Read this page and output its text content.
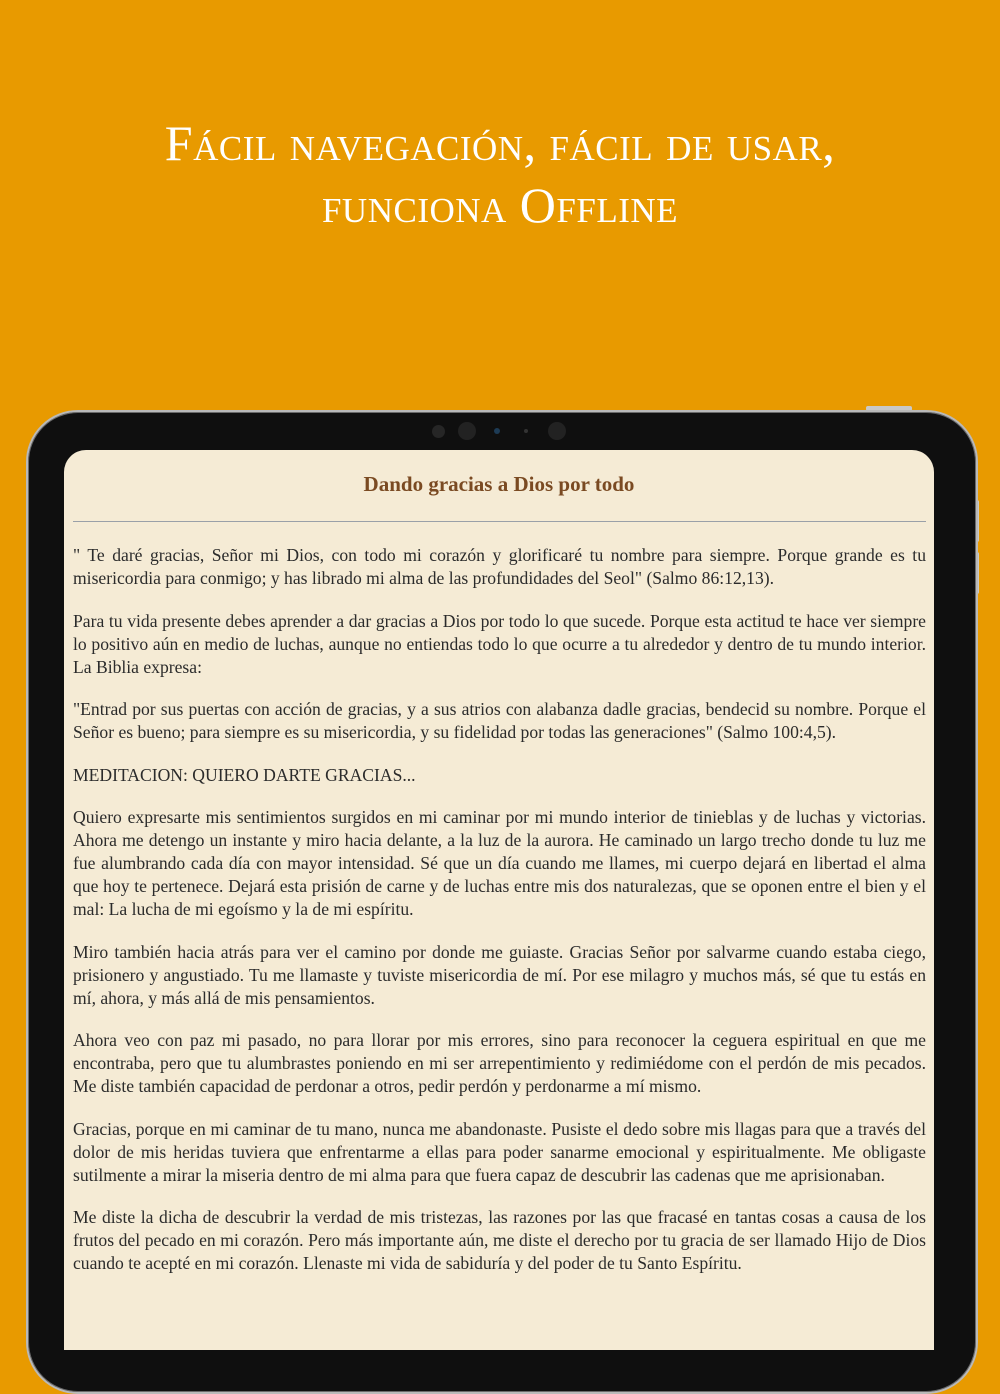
Fácil navegación, fácil de usar,
funciona Offline
Dando gracias a Dios por todo

" Te daré gracias, Señor mi Dios, con todo mi corazón y glorificaré tu nombre para siempre. Porque grande es tu misericordia para conmigo; y has librado mi alma de las profundidades del Seol" (Salmo 86:12,13).

Para tu vida presente debes aprender a dar gracias a Dios por todo lo que sucede. Porque esta actitud te hace ver siempre lo positivo aún en medio de luchas, aunque no entiendas todo lo que ocurre a tu alrededor y dentro de tu mundo interior. La Biblia expresa:

"Entrad por sus puertas con acción de gracias, y a sus atrios con alabanza dadle gracias, bendecid su nombre. Porque el Señor es bueno; para siempre es su misericordia, y su fidelidad por todas las generaciones" (Salmo 100:4,5).

MEDITACION: QUIERO DARTE GRACIAS...

Quiero expresarte mis sentimientos surgidos en mi caminar por mi mundo interior de tinieblas y de luchas y victorias. Ahora me detengo un instante y miro hacia delante, a la luz de la aurora. He caminado un largo trecho donde tu luz me fue alumbrando cada día con mayor intensidad. Sé que un día cuando me llames, mi cuerpo dejará en libertad el alma que hoy te pertenece. Dejará esta prisión de carne y de luchas entre mis dos naturalezas, que se oponen entre el bien y el mal: La lucha de mi egoísmo y la de mi espíritu.

Miro también hacia atrás para ver el camino por donde me guiaste. Gracias Señor por salvarme cuando estaba ciego, prisionero y angustiado. Tu me llamaste y tuviste misericordia de mí. Por ese milagro y muchos más, sé que tu estás en mí, ahora, y más allá de mis pensamientos.

Ahora veo con paz mi pasado, no para llorar por mis errores, sino para reconocer la ceguera espiritual en que me encontraba, pero que tu alumbrastes poniendo en mi ser arrepentimiento y redimiédome con el perdón de mis pecados. Me diste también capacidad de perdonar a otros, pedir perdón y perdonarme a mí mismo.

Gracias, porque en mi caminar de tu mano, nunca me abandonaste. Pusiste el dedo sobre mis llagas para que a través del dolor de mis heridas tuviera que enfrentarme a ellas para poder sanarme emocional y espiritualmente. Me obligaste sutilmente a mirar la miseria dentro de mi alma para que fuera capaz de descubrir las cadenas que me aprisionaban.

Me diste la dicha de descubrir la verdad de mis tristezas, las razones por las que fracasé en tantas cosas a causa de los frutos del pecado en mi corazón. Pero más importante aún, me diste el derecho por tu gracia de ser llamado Hijo de Dios cuando te acepté en mi corazón. Llenaste mi vida de sabiduría y del poder de tu Santo Espíritu.
